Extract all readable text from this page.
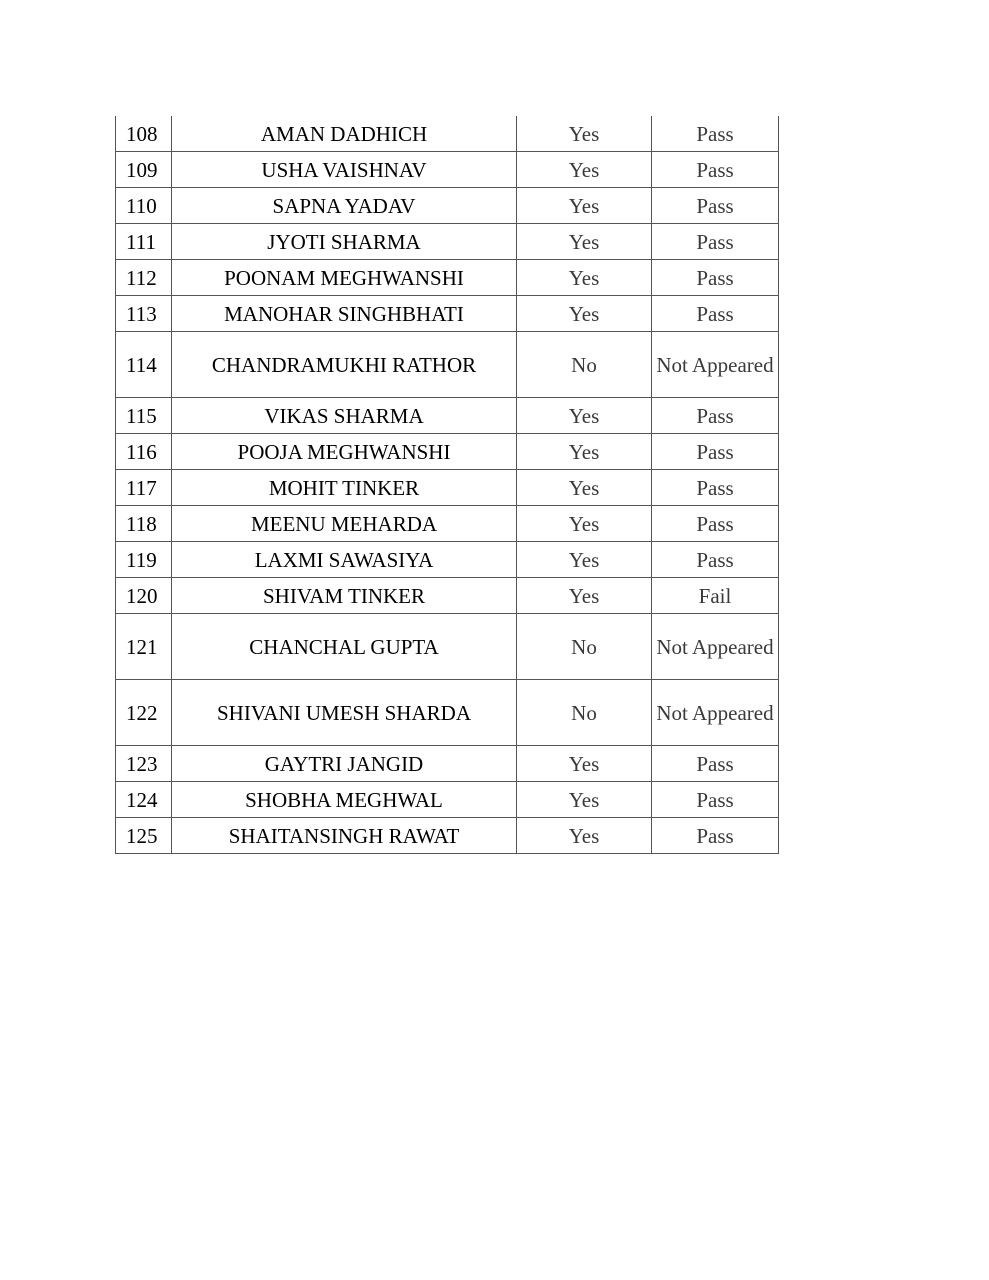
108	AMAN DADHICH	Yes	Pass
109	USHA VAISHNAV	Yes	Pass
110	SAPNA YADAV	Yes	Pass
111	JYOTI SHARMA	Yes	Pass
112	POONAM MEGHWANSHI	Yes	Pass
113	MANOHAR SINGHBHATI	Yes	Pass
114	CHANDRAMUKHI RATHOR	No	Not Appeared
115	VIKAS SHARMA	Yes	Pass
116	POOJA MEGHWANSHI	Yes	Pass
117	MOHIT TINKER	Yes	Pass
118	MEENU MEHARDA	Yes	Pass
119	LAXMI SAWASIYA	Yes	Pass
120	SHIVAM TINKER	Yes	Fail
121	CHANCHAL GUPTA	No	Not Appeared
122	SHIVANI UMESH SHARDA	No	Not Appeared
123	GAYTRI JANGID	Yes	Pass
124	SHOBHA MEGHWAL	Yes	Pass
125	SHAITANSINGH RAWAT	Yes	Pass
